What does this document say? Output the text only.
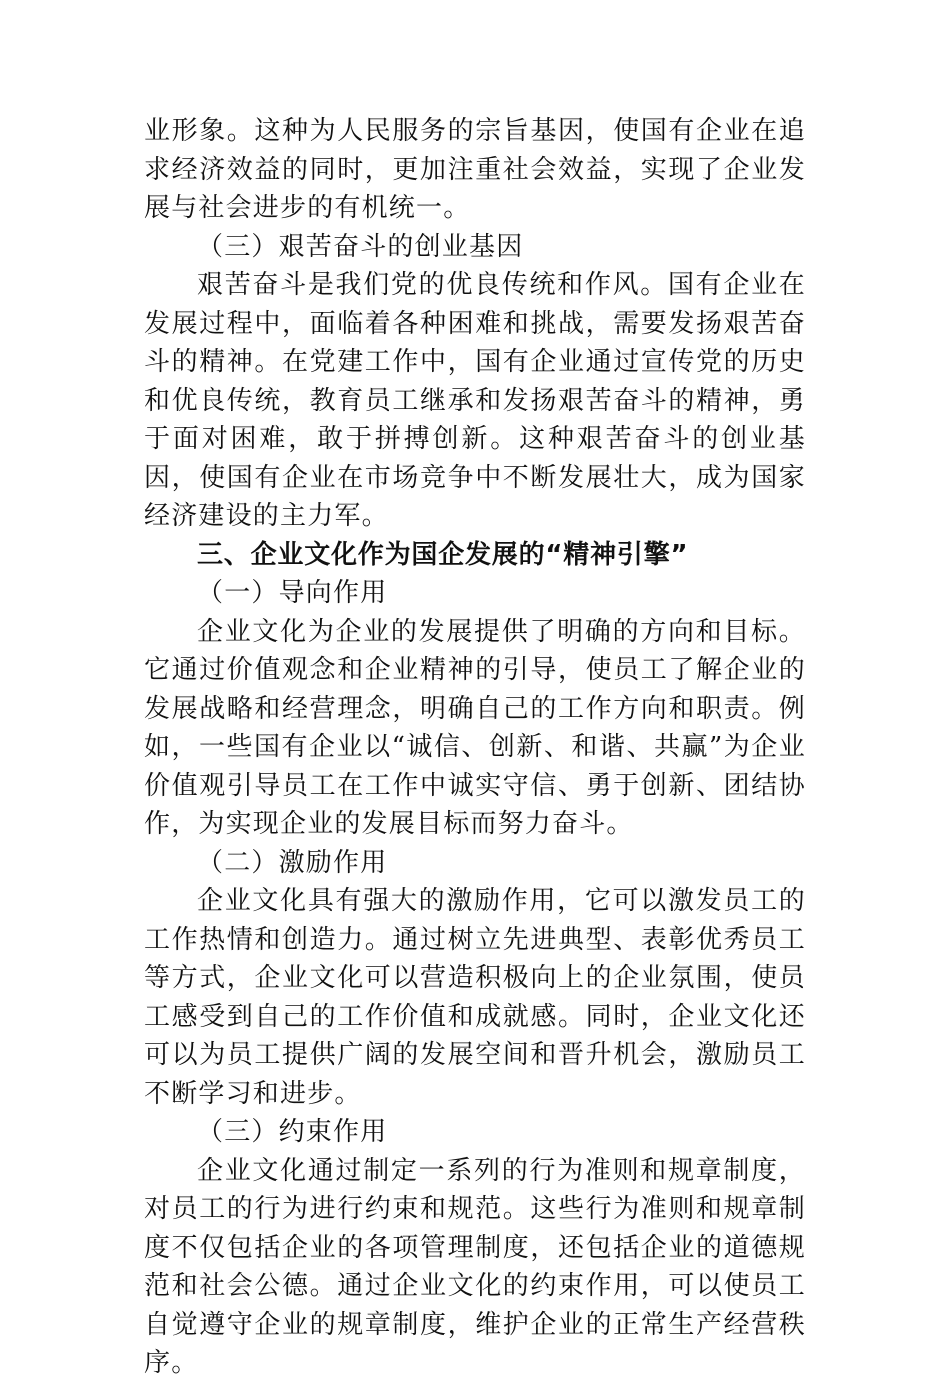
业形象。这种为人民服务的宗旨基因，使国有企业在追求经济效益的同时，更加注重社会效益，实现了企业发展与社会进步的有机统一。

（三）艰苦奋斗的创业基因

艰苦奋斗是我们党的优良传统和作风。国有企业在发展过程中，面临着各种困难和挑战，需要发扬艰苦奋斗的精神。在党建工作中，国有企业通过宣传党的历史和优良传统，教育员工继承和发扬艰苦奋斗的精神，勇于面对困难，敢于拼搏创新。这种艰苦奋斗的创业基因，使国有企业在市场竞争中不断发展壮大，成为国家经济建设的主力军。

三、企业文化作为国企发展的“精神引擎”

（一）导向作用

企业文化为企业的发展提供了明确的方向和目标。它通过价值观念和企业精神的引导，使员工了解企业的发展战略和经营理念，明确自己的工作方向和职责。例如，一些国有企业以“诚信、创新、和谐、共赢”为企业价值观引导员工在工作中诚实守信、勇于创新、团结协作，为实现企业的发展目标而努力奋斗。

（二）激励作用

企业文化具有强大的激励作用，它可以激发员工的工作热情和创造力。通过树立先进典型、表彰优秀员工等方式，企业文化可以营造积极向上的企业氛围，使员工感受到自己的工作价值和成就感。同时，企业文化还可以为员工提供广阔的发展空间和晋升机会，激励员工不断学习和进步。

（三）约束作用

企业文化通过制定一系列的行为准则和规章制度，对员工的行为进行约束和规范。这些行为准则和规章制度不仅包括企业的各项管理制度，还包括企业的道德规范和社会公德。通过企业文化的约束作用，可以使员工自觉遵守企业的规章制度，维护企业的正常生产经营秩序。
